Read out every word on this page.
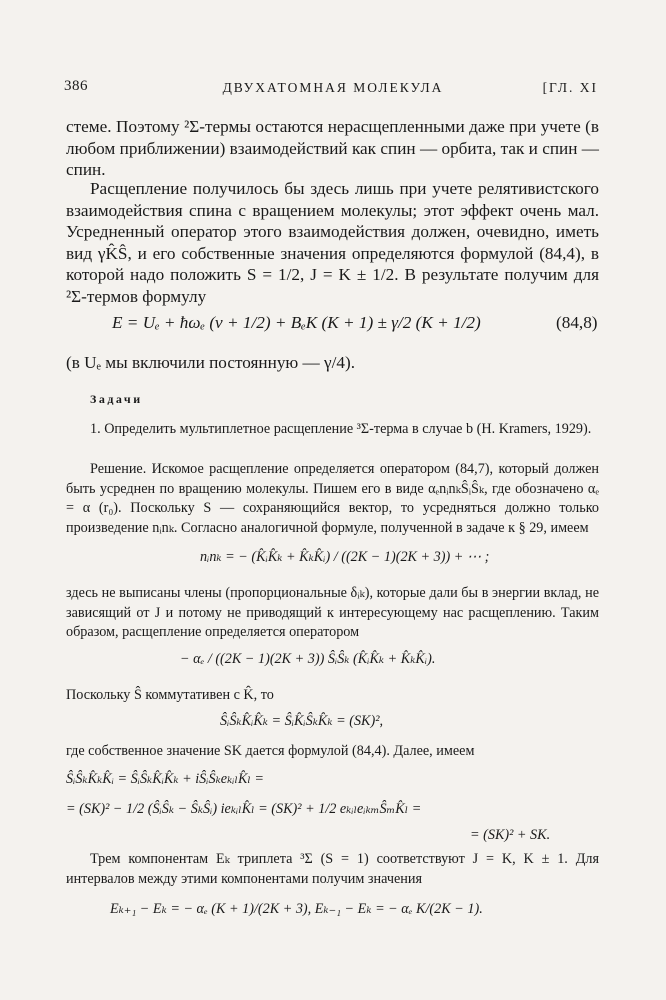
386	ДВУХАТОМНАЯ МОЛЕКУЛА	[ГЛ. XI
стеме. Поэтому ²Σ-термы остаются нерасщепленными даже при учете (в любом приближении) взаимодействий как спин — орбита, так и спин — спин.
Расщепление получилось бы здесь лишь при учете релятивистского взаимодействия спина с вращением молекулы; этот эффект очень мал. Усредненный оператор этого взаимодействия должен, очевидно, иметь вид γK̂Ŝ, и его собственные значения определяются формулой (84,4), в которой надо положить S = 1/2, J = K ± 1/2. В результате получим для ²Σ-термов формулу
E = Uₑ + ħωₑ (v + 1/2) + BₑK (K + 1) ± γ/2 (K + 1/2)	(84,8)
(в Uₑ мы включили постоянную — γ/4).
Задачи
1. Определить мультиплетное расщепление ³Σ-терма в случае b (H. Kramers, 1929).
Решение. Искомое расщепление определяется оператором (84,7), который должен быть усреднен по вращению молекулы. Пишем его в виде αₑnᵢnₖŜᵢŜₖ, где обозначено αₑ = α (r₀). Поскольку S — сохраняющийся вектор, то усредняться должно только произведение nᵢnₖ. Согласно аналогичной формуле, полученной в задаче к § 29, имеем
nᵢnₖ = − (K̂ᵢK̂ₖ + K̂ₖK̂ᵢ) / ((2K − 1)(2K + 3)) + ⋯ ;
здесь не выписаны члены (пропорциональные δᵢₖ), которые дали бы в энергии вклад, не зависящий от J и потому не приводящий к интересующему нас расщеплению. Таким образом, расщепление определяется оператором
− αₑ / ((2K − 1)(2K + 3)) ŜᵢŜₖ (K̂ᵢK̂ₖ + K̂ₖK̂ᵢ).
Поскольку Ŝ коммутативен с K̂, то
ŜᵢŜₖK̂ᵢK̂ₖ = ŜᵢK̂ᵢŜₖK̂ₖ = (SK)²,
где собственное значение SK дается формулой (84,4). Далее, имеем
ŜᵢŜₖK̂ₖK̂ᵢ = ŜᵢŜₖK̂ᵢK̂ₖ + iŜᵢŜₖeₖᵢₗK̂ₗ =
= (SK)² − 1/2 (ŜᵢŜₖ − ŜₖŜᵢ) ieₖᵢₗK̂ₗ = (SK)² + 1/2 eₖᵢₗeᵢₖₘŜₘK̂ₗ =
= (SK)² + SK.
Трем компонентам Eₖ триплета ³Σ (S = 1) соответствуют J = K, K ± 1. Для интервалов между этими компонентами получим значения
Eₖ₊₁ − Eₖ = − αₑ (K + 1)/(2K + 3), Eₖ₋₁ − Eₖ = − αₑ K/(2K − 1).
